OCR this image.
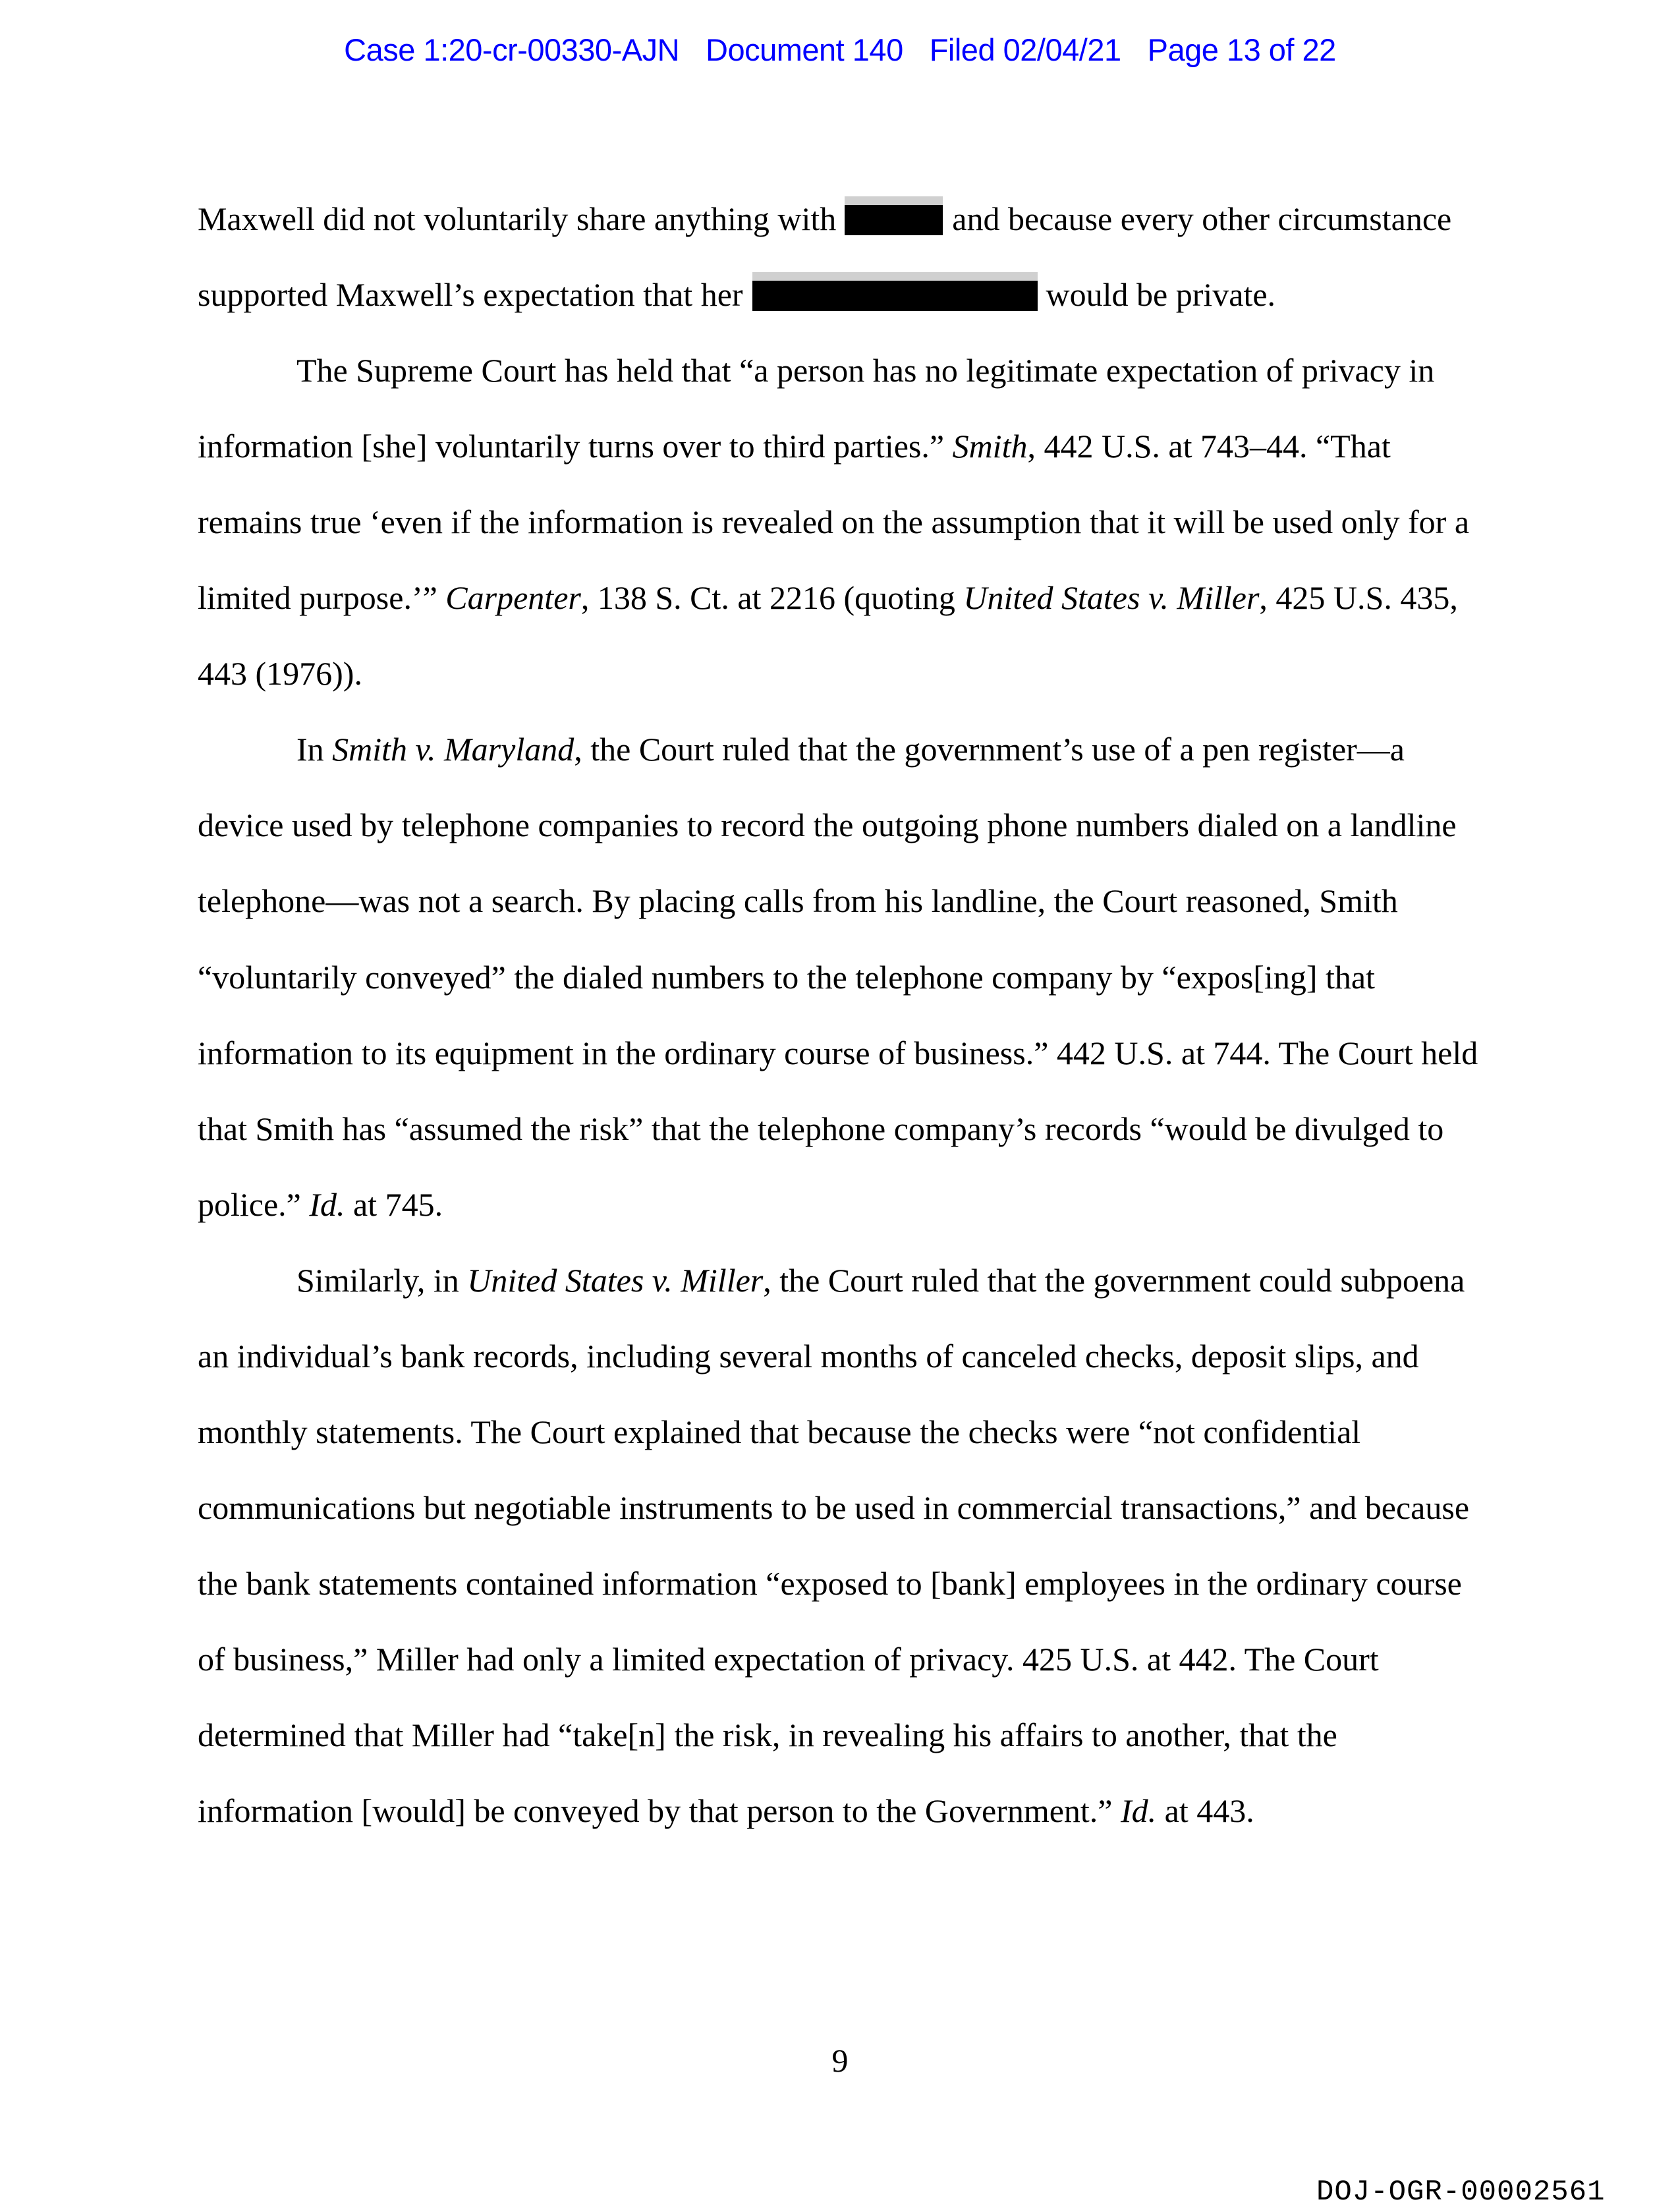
Case 1:20-cr-00330-AJN Document 140 Filed 02/04/21 Page 13 of 22
Maxwell did not voluntarily share anything with	and because every other circumstance
supported Maxwell’s expectation that her	would be private.
The Supreme Court has held that “a person has no legitimate expectation of privacy in
information [she] voluntarily turns over to third parties.” Smith, 442 U.S. at 743–44. “That
remains true ‘even if the information is revealed on the assumption that it will be used only for a
limited purpose.’” Carpenter, 138 S. Ct. at 2216 (quoting United States v. Miller, 425 U.S. 435,
443 (1976)).
In Smith v. Maryland, the Court ruled that the government’s use of a pen register—a
device used by telephone companies to record the outgoing phone numbers dialed on a landline
telephone—was not a search. By placing calls from his landline, the Court reasoned, Smith
“voluntarily conveyed” the dialed numbers to the telephone company by “expos[ing] that
information to its equipment in the ordinary course of business.” 442 U.S. at 744. The Court held
that Smith has “assumed the risk” that the telephone company’s records “would be divulged to
police.” Id. at 745.
Similarly, in United States v. Miller, the Court ruled that the government could subpoena
an individual’s bank records, including several months of canceled checks, deposit slips, and
monthly statements. The Court explained that because the checks were “not confidential
communications but negotiable instruments to be used in commercial transactions,” and because
the bank statements contained information “exposed to [bank] employees in the ordinary course
of business,” Miller had only a limited expectation of privacy. 425 U.S. at 442. The Court
determined that Miller had “take[n] the risk, in revealing his affairs to another, that the
information [would] be conveyed by that person to the Government.” Id. at 443.
9
DOJ-OGR-00002561
